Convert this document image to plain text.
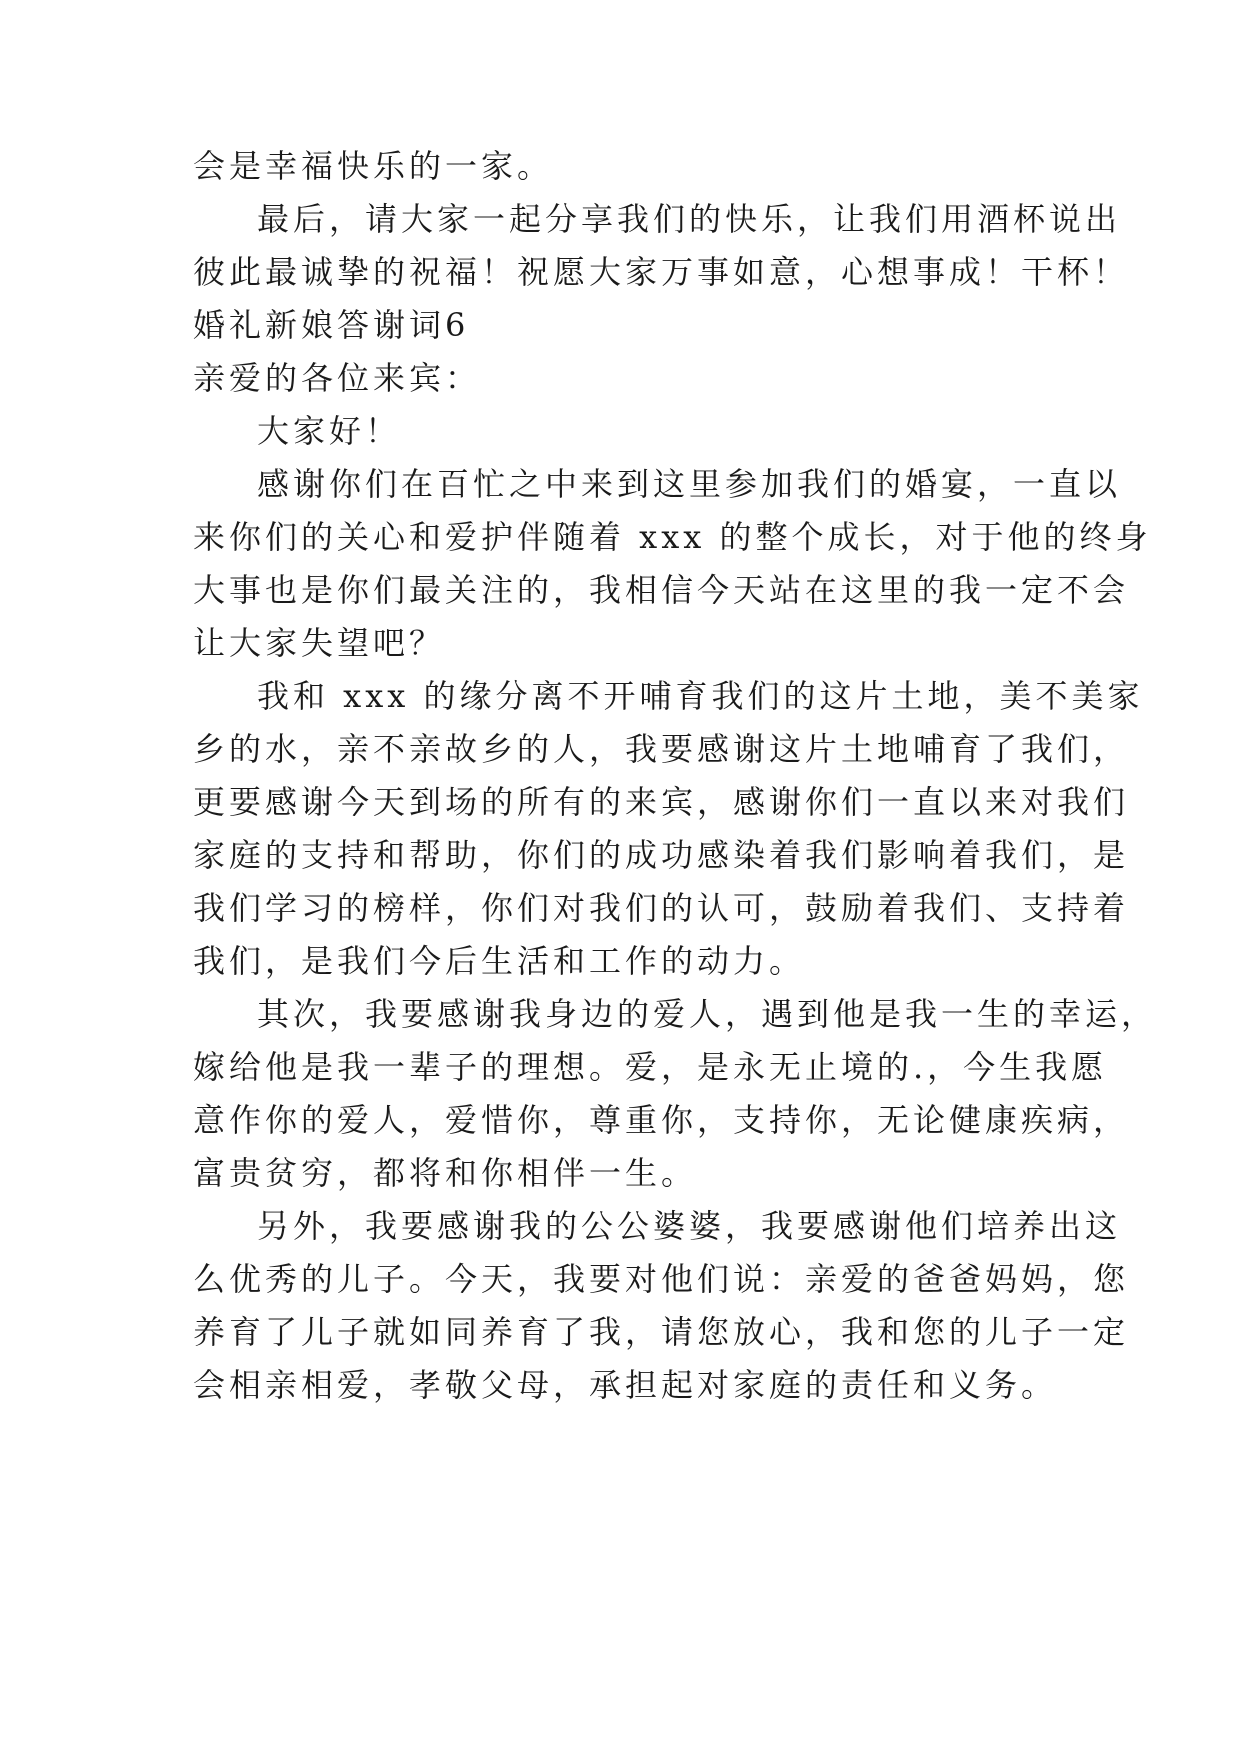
会是幸福快乐的一家。
最后，请大家一起分享我们的快乐，让我们用酒杯说出
彼此最诚挚的祝福！祝愿大家万事如意，心想事成！干杯！
婚礼新娘答谢词6
亲爱的各位来宾：
大家好！
感谢你们在百忙之中来到这里参加我们的婚宴，一直以
来你们的关心和爱护伴随着 xxx 的整个成长，对于他的终身
大事也是你们最关注的，我相信今天站在这里的我一定不会
让大家失望吧？
我和 xxx 的缘分离不开哺育我们的这片土地，美不美家
乡的水，亲不亲故乡的人，我要感谢这片土地哺育了我们，
更要感谢今天到场的所有的来宾，感谢你们一直以来对我们
家庭的支持和帮助，你们的成功感染着我们影响着我们，是
我们学习的榜样，你们对我们的认可，鼓励着我们、支持着
我们，是我们今后生活和工作的动力。
其次，我要感谢我身边的爱人，遇到他是我一生的幸运，
嫁给他是我一辈子的理想。爱，是永无止境的.，今生我愿
意作你的爱人，爱惜你，尊重你，支持你，无论健康疾病，
富贵贫穷，都将和你相伴一生。
另外，我要感谢我的公公婆婆，我要感谢他们培养出这
么优秀的儿子。今天，我要对他们说：亲爱的爸爸妈妈，您
养育了儿子就如同养育了我，请您放心，我和您的儿子一定
会相亲相爱，孝敬父母，承担起对家庭的责任和义务。
